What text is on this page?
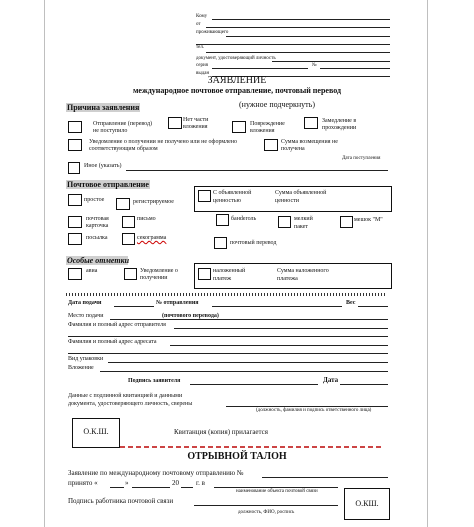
Кому
от
проживающего
тел.
документ, удостоверяющий личность
серия	№
выдан
ЗАЯВЛЕНИЕ
международное почтовое отправление, почтовый перевод
(нужное подчеркнуть)
Причина заявления
Отправление (перевод)
не поступило
Нет части
вложения	Повреждение
вложения
Замедление в
прохождении
Уведомление о получении не получено или не оформлено
соответствующим образом
Сумма возмещения не
получена
Иное (указать)
Дата поступления
Почтовое отправление
простое	регистрируемое
С объявленной
ценностью
Сумма объявленной
ценности
почтовая
карточка
письмо	банderоль	мелкий
пакет
мешок "М"
посылка	секограмма
почтовый перевод
Особые отметки
авиа	Уведомление о
получении
наложенный
платеж
Сумма наложенного
платежа
Дата подачи	№ отправления	Вес
Место подачи	(почтового перевода)
Фамилия и полный адрес отправителя
Фамилия и полный адрес адресата
Вид упаковки
Вложение
Подпись заявителя	Дата
Данные с подлинной квитанцией и данными
документа, удостоверяющего личность, сверены
(должность, фамилия и подпись ответственного лица)
О.К.Ш.	Квитанция (копия) прилагается
ОТРЫВНОЙ ТАЛОН
Заявление по международному почтовому отправлению №
принято «	»	20 г. в
наименование объекта почтовой связи
Подпись работника почтовой связи
должность, ФИО, роспись
О.КШ.
